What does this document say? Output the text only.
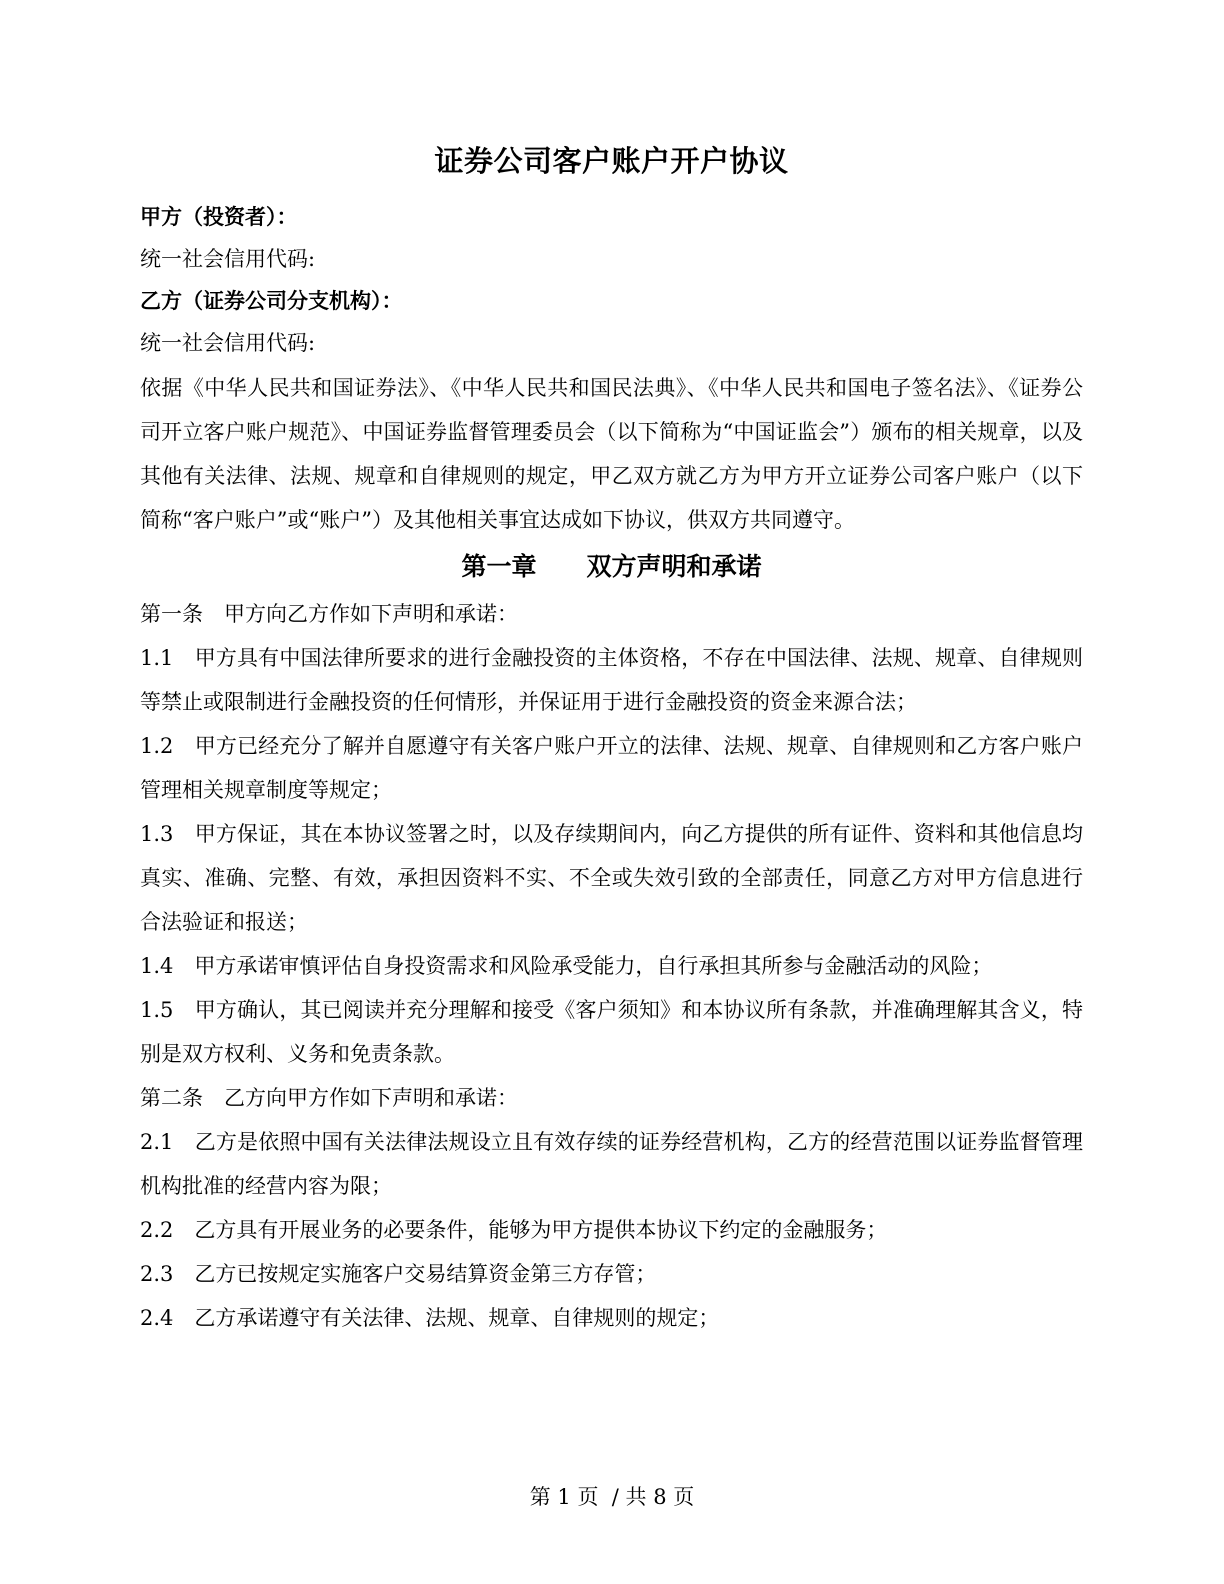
证券公司客户账户开户协议

甲方（投资者）：

统一社会信用代码:

乙方（证券公司分支机构）：

统一社会信用代码:

依据《中华人民共和国证券法》、《中华人民共和国民法典》、《中华人民共和国电子签名法》、《证券公司开立客户账户规范》、中国证券监督管理委员会（以下简称为“中国证监会”）颁布的相关规章，以及其他有关法律、法规、规章和自律规则的规定，甲乙双方就乙方为甲方开立证券公司客户账户（以下简称“客户账户”或“账户”）及其他相关事宜达成如下协议，供双方共同遵守。

第一章　　双方声明和承诺

第一条　甲方向乙方作如下声明和承诺：

1.1　甲方具有中国法律所要求的进行金融投资的主体资格，不存在中国法律、法规、规章、自律规则等禁止或限制进行金融投资的任何情形，并保证用于进行金融投资的资金来源合法；

1.2　甲方已经充分了解并自愿遵守有关客户账户开立的法律、法规、规章、自律规则和乙方客户账户管理相关规章制度等规定；

1.3　甲方保证，其在本协议签署之时，以及存续期间内，向乙方提供的所有证件、资料和其他信息均真实、准确、完整、有效，承担因资料不实、不全或失效引致的全部责任，同意乙方对甲方信息进行合法验证和报送；

1.4　甲方承诺审慎评估自身投资需求和风险承受能力，自行承担其所参与金融活动的风险；

1.5　甲方确认，其已阅读并充分理解和接受《客户须知》和本协议所有条款，并准确理解其含义，特别是双方权利、义务和免责条款。

第二条　乙方向甲方作如下声明和承诺：

2.1　乙方是依照中国有关法律法规设立且有效存续的证券经营机构，乙方的经营范围以证券监督管理机构批准的经营内容为限；

2.2　乙方具有开展业务的必要条件，能够为甲方提供本协议下约定的金融服务；

2.3　乙方已按规定实施客户交易结算资金第三方存管；

2.4　乙方承诺遵守有关法律、法规、规章、自律规则的规定；

第 1 页  / 共 8 页
